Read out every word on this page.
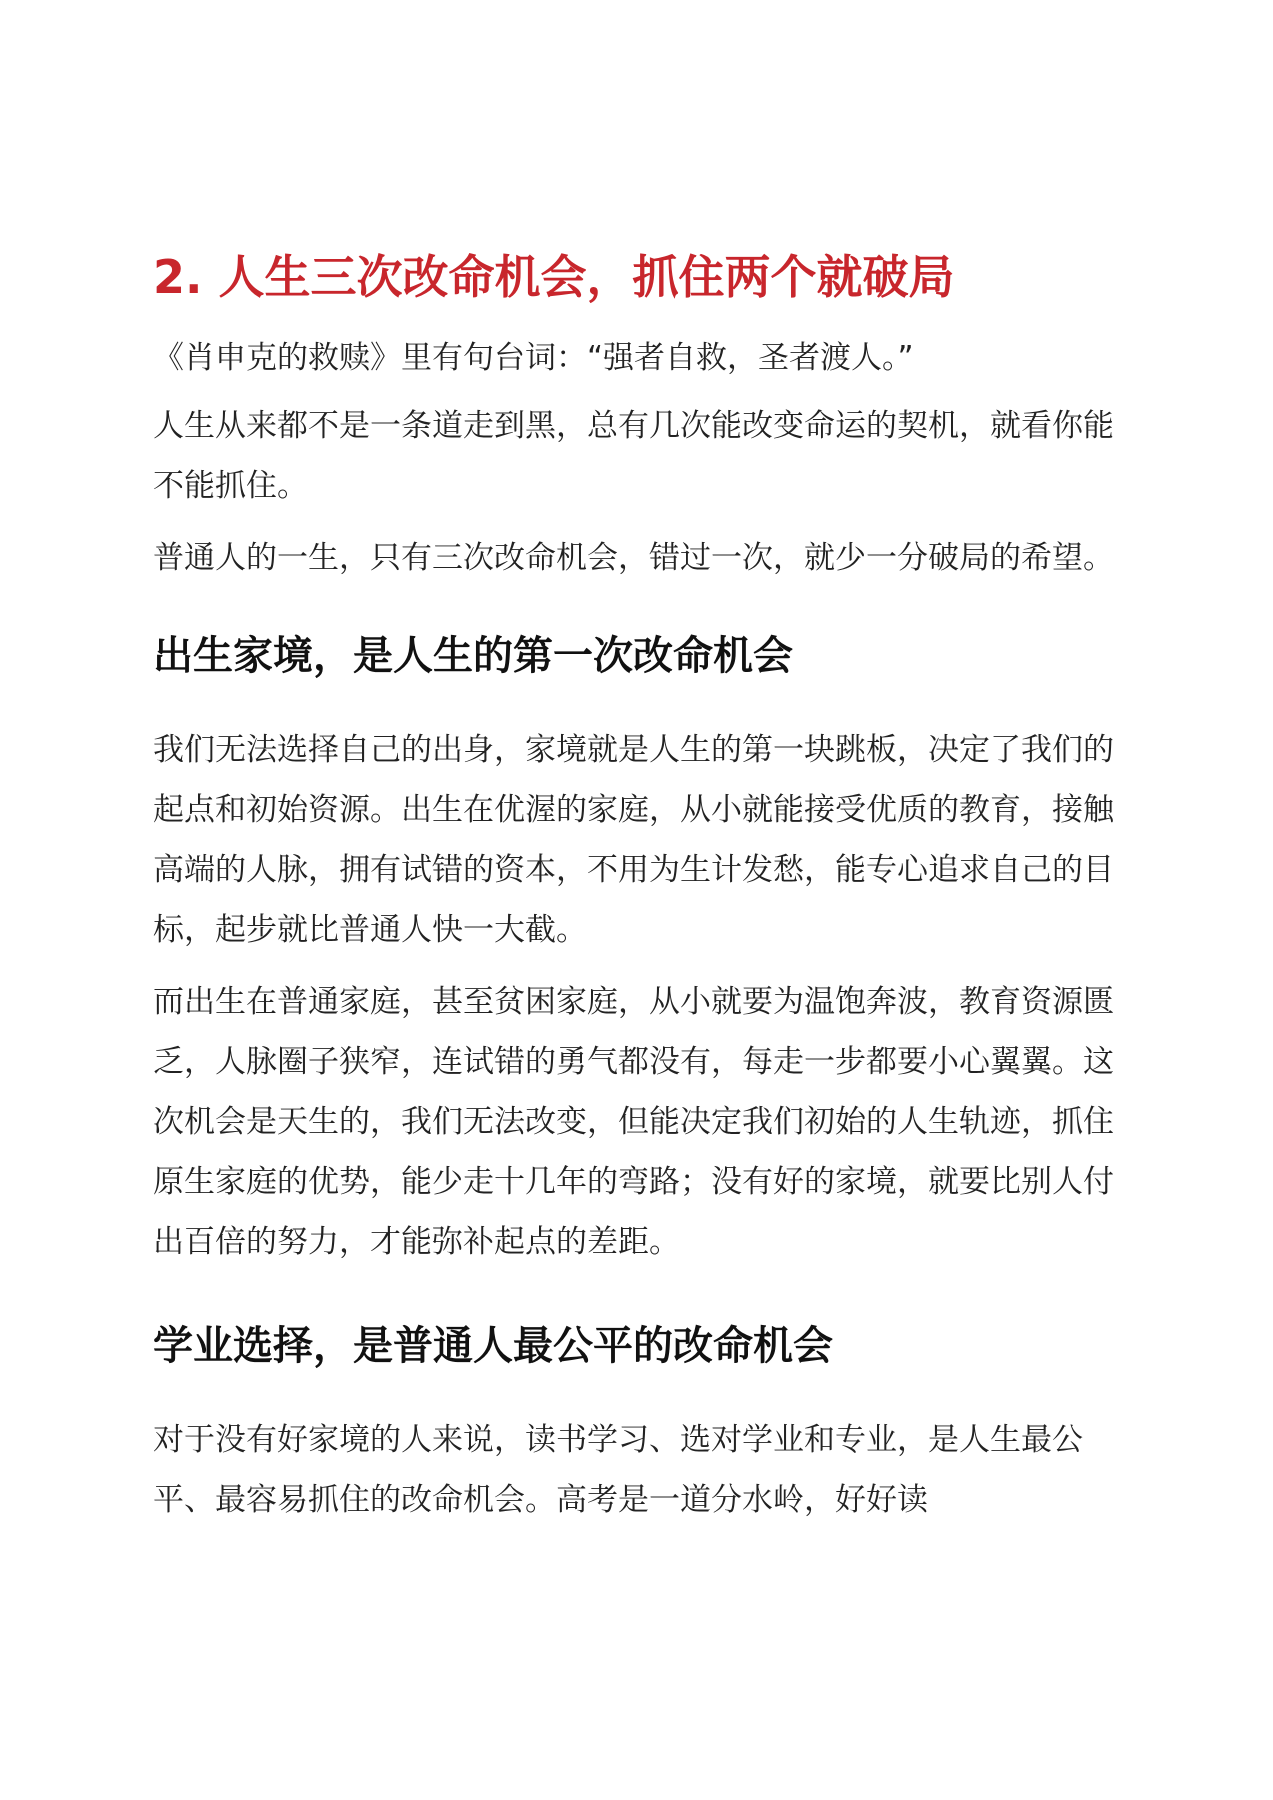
2. 人生三次改命机会，抓住两个就破局

《肖申克的救赎》里有句台词：“强者自救，圣者渡人。”

人生从来都不是一条道走到黑，总有几次能改变命运的契机，就看你能不能抓住。

普通人的一生，只有三次改命机会，错过一次，就少一分破局的希望。

出生家境，是人生的第一次改命机会

我们无法选择自己的出身，家境就是人生的第一块跳板，决定了我们的起点和初始资源。出生在优渥的家庭，从小就能接受优质的教育，接触高端的人脉，拥有试错的资本，不用为生计发愁，能专心追求自己的目标，起步就比普通人快一大截。

而出生在普通家庭，甚至贫困家庭，从小就要为温饱奔波，教育资源匮乏，人脉圈子狭窄，连试错的勇气都没有，每走一步都要小心翼翼。这次机会是天生的，我们无法改变，但能决定我们初始的人生轨迹，抓住原生家庭的优势，能少走十几年的弯路；没有好的家境，就要比别人付出百倍的努力，才能弥补起点的差距。

学业选择，是普通人最公平的改命机会

对于没有好家境的人来说，读书学习、选对学业和专业，是人生最公平、最容易抓住的改命机会。高考是一道分水岭，好好读
